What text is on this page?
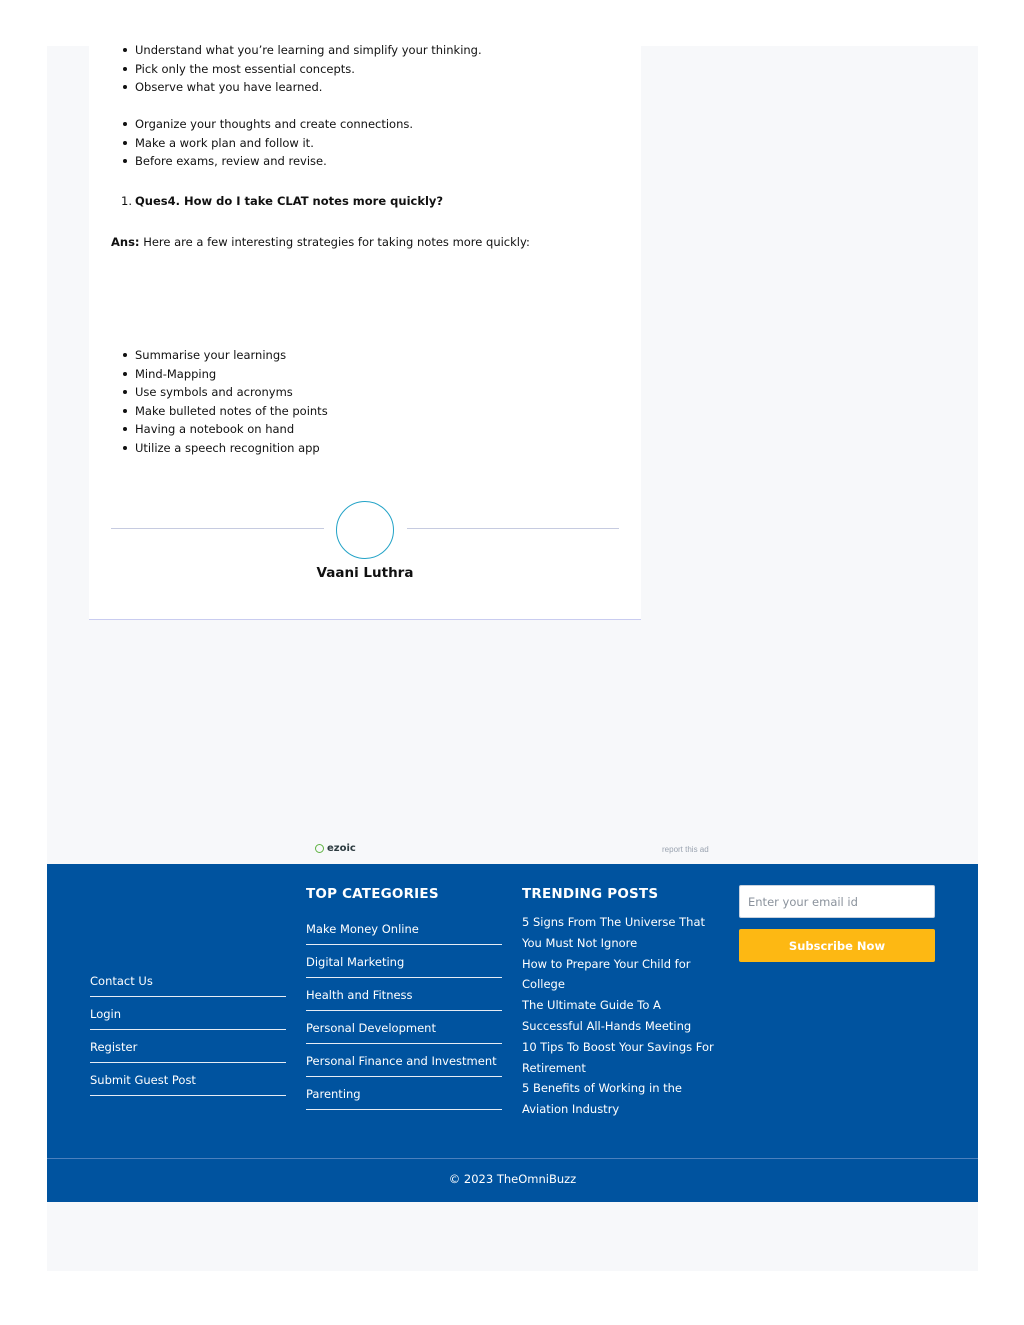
Understand what you’re learning and simplify your thinking.
Pick only the most essential concepts.
Observe what you have learned.
Organize your thoughts and create connections.
Make a work plan and follow it.
Before exams, review and revise.
1. Ques4. How do I take CLAT notes more quickly?
Ans: Here are a few interesting strategies for taking notes more quickly:
Summarise your learnings
Mind-Mapping
Use symbols and acronyms
Make bulleted notes of the points
Having a notebook on hand
Utilize a speech recognition app
Vaani Luthra
ezoic	report this ad
Contact Us
Login
Register
Submit Guest Post
TOP CATEGORIES
Make Money Online
Digital Marketing
Health and Fitness
Personal Development
Personal Finance and Investment
Parenting
TRENDING POSTS
5 Signs From The Universe That You Must Not Ignore
How to Prepare Your Child for College
The Ultimate Guide To A Successful All-Hands Meeting
10 Tips To Boost Your Savings For Retirement
5 Benefits of Working in the Aviation Industry
Enter your email id
Subscribe Now
© 2023 TheOmniBuzz
